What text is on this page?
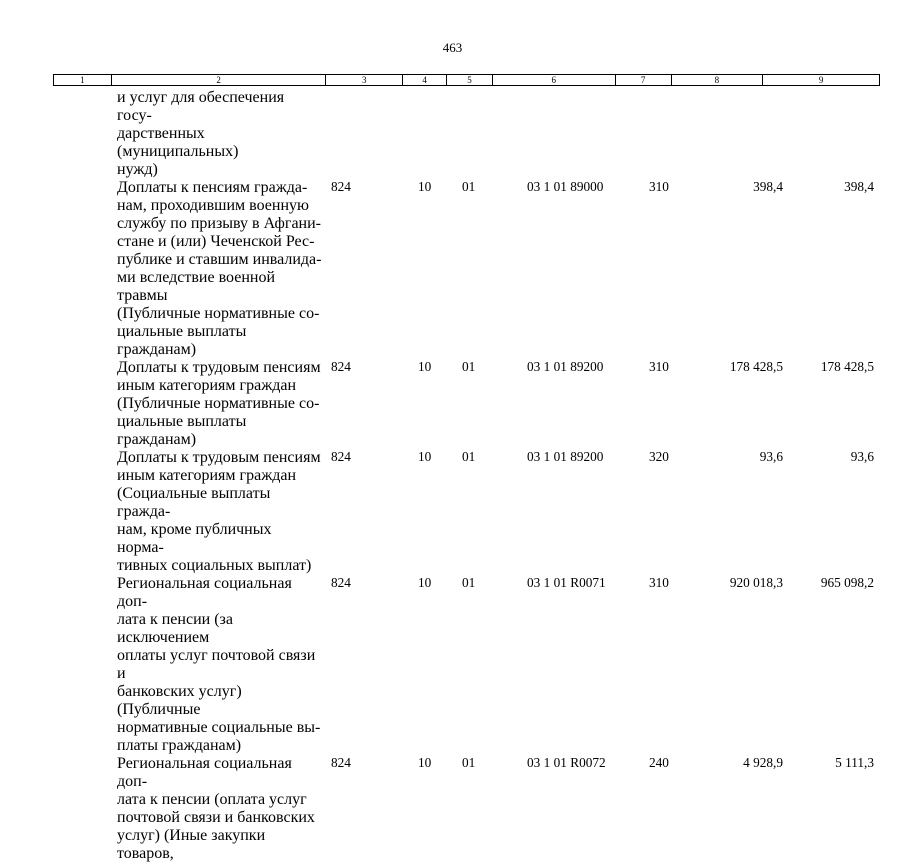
463
1	2	3	4	5	6	7	8	9
и услуг для обеспечения госу-
дарственных (муниципальных)
нужд)
Доплаты к пенсиям гражда-
нам, проходившим военную
службу по призыву в Афгани-
стане и (или) Чеченской Рес-
публике и ставшим инвалида-
ми вследствие военной травмы
(Публичные нормативные со-
циальные выплаты гражданам)
824	10 01	03 1 01 89000	310	398,4	398,4
Доплаты к трудовым пенсиям
иным категориям граждан
(Публичные нормативные со-
циальные выплаты гражданам)
824	10 01	03 1 01 89200	310	178 428,5	178 428,5
Доплаты к трудовым пенсиям
иным категориям граждан
(Социальные выплаты гражда-
нам, кроме публичных норма-
тивных социальных выплат)
824	10 01	03 1 01 89200	320	93,6	93,6
Региональная социальная доп-
лата к пенсии (за исключением
оплаты услуг почтовой связи и
банковских услуг) (Публичные
нормативные социальные вы-
платы гражданам)
824	10 01	03 1 01 R0071	310	920 018,3	965 098,2
Региональная социальная доп-
лата к пенсии (оплата услуг
почтовой связи и банковских
услуг) (Иные закупки товаров,
824	10 01	03 1 01 R0072	240	4 928,9	5 111,3
